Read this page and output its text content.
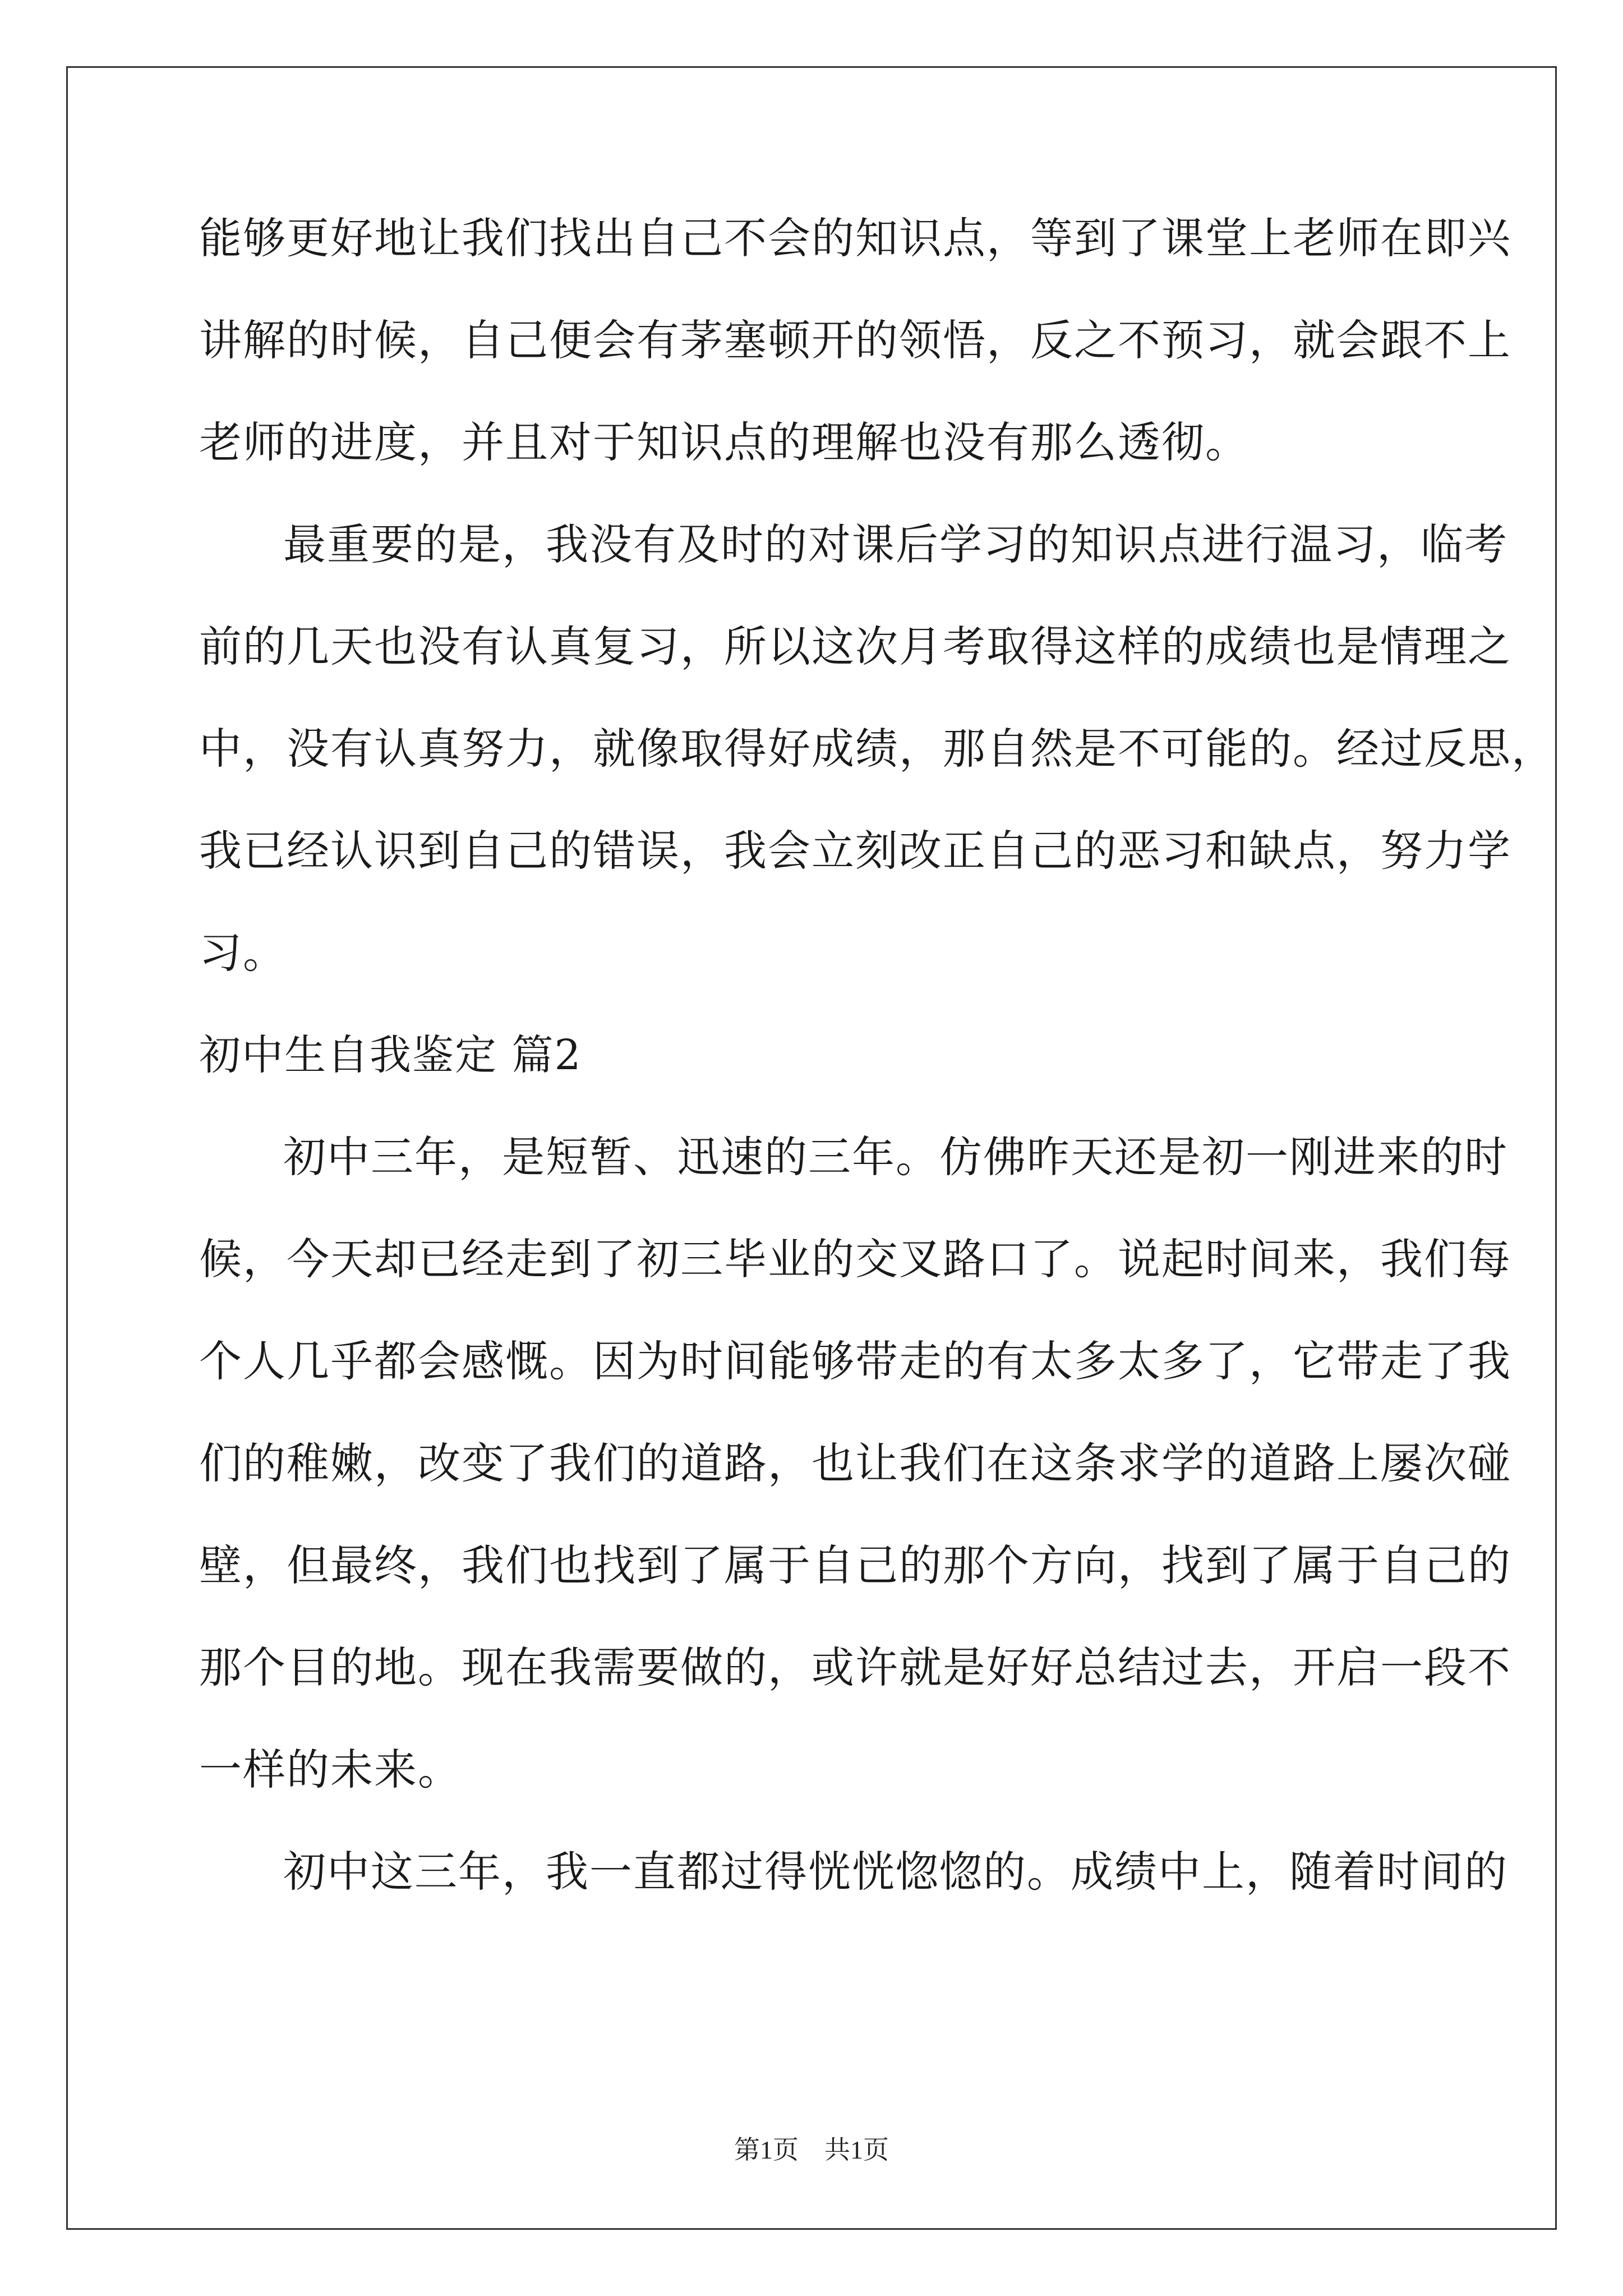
能够更好地让我们找出自己不会的知识点，等到了课堂上老师在即兴
讲解的时候，自己便会有茅塞顿开的领悟，反之不预习，就会跟不上
老师的进度，并且对于知识点的理解也没有那么透彻。
最重要的是，我没有及时的对课后学习的知识点进行温习，临考
前的几天也没有认真复习，所以这次月考取得这样的成绩也是情理之
中，没有认真努力，就像取得好成绩，那自然是不可能的。经过反思，
我已经认识到自己的错误，我会立刻改正自己的恶习和缺点，努力学
习。
初中生自我鉴定 篇2
初中三年，是短暂、迅速的三年。仿佛昨天还是初一刚进来的时
候，今天却已经走到了初三毕业的交叉路口了。说起时间来，我们每
个人几乎都会感慨。因为时间能够带走的有太多太多了，它带走了我
们的稚嫩，改变了我们的道路，也让我们在这条求学的道路上屡次碰
壁，但最终，我们也找到了属于自己的那个方向，找到了属于自己的
那个目的地。现在我需要做的，或许就是好好总结过去，开启一段不
一样的未来。
初中这三年，我一直都过得恍恍惚惚的。成绩中上，随着时间的
第1页　共1页
